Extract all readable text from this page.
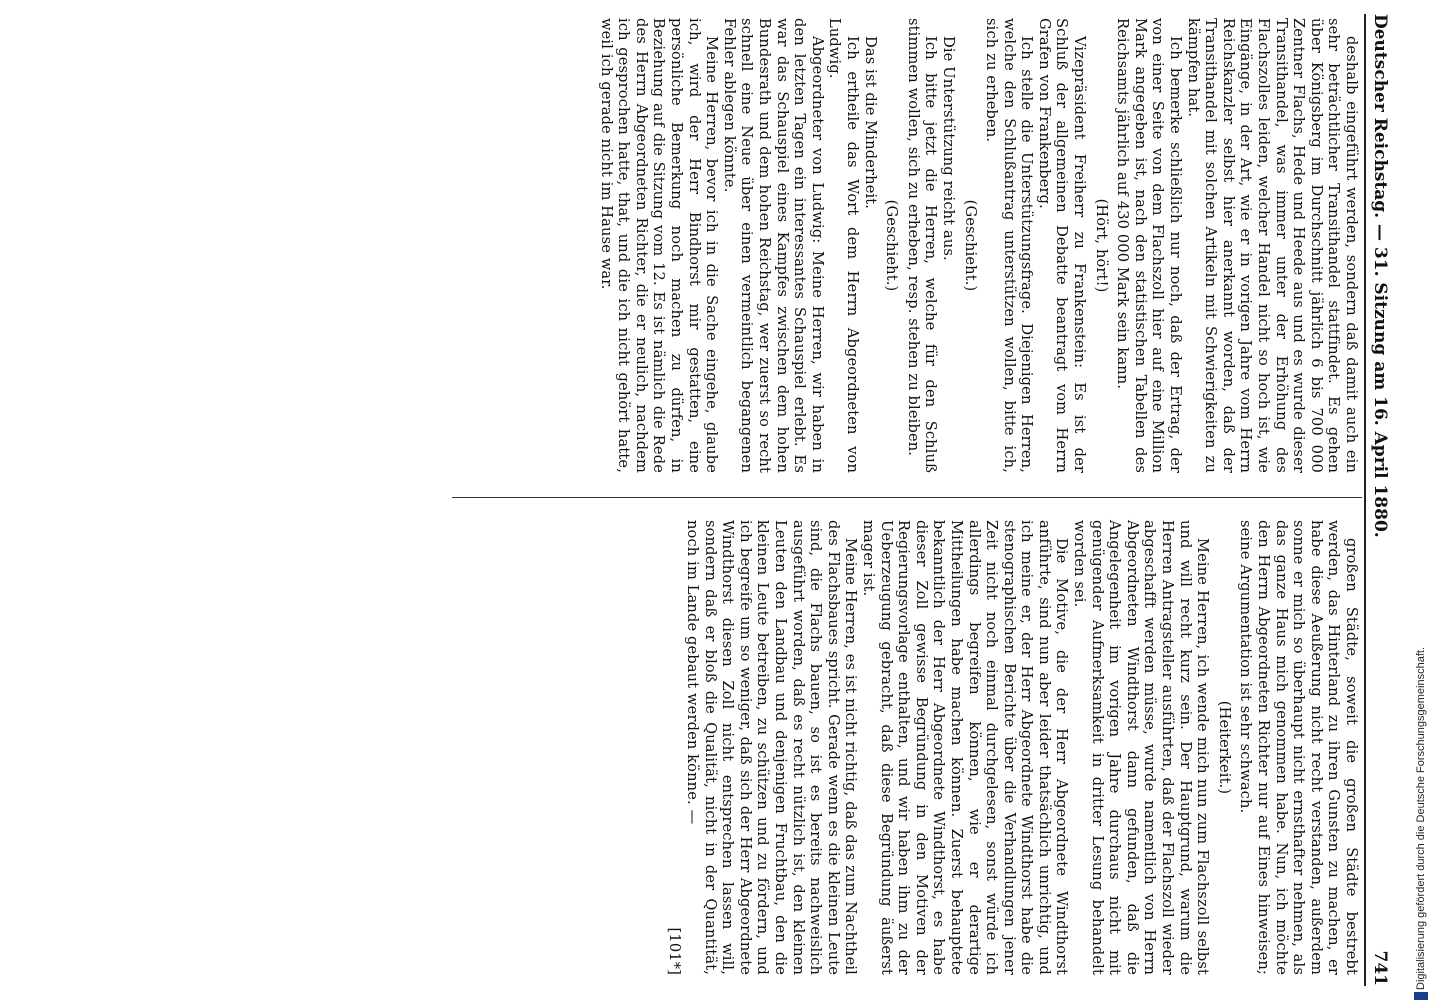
Deutscher Reichstag. — 31. Sitzung am 16. April 1880.
741

deshalb eingeführt werden, sondern daß damit auch ein sehr beträchtlicher Transithandel stattfindet. Es gehen über Königsberg im Durchschnitt jährlich 6 bis 700 000 Zentner Flachs, Hede und Heede aus und es wurde dieser Transithandel, was immer unter der Erhöhung des Flachszolles leiden, welcher Handel nicht so hoch ist, wie Eingänge, in der Art, wie er in vorigen Jahre vom Herrn Reichskanzler selbst hier anerkannt worden, daß der Transithandel mit solchen Artikeln mit Schwierigkeiten zu kämpfen hat.

Ich bemerke schließlich nur noch, daß der Ertrag, der von einer Seite von dem Flachszoll hier auf eine Million Mark angegeben ist, nach den statistischen Tabellen des Reichsamts jährlich auf 430 000 Mark sein kann.

(Hört, hört!)

Vizepräsident Freiherr zu Frankenstein: Es ist der Schluß der allgemeinen Debatte beantragt vom Herrn Grafen von Frankenberg.

Ich stelle die Unterstützungsfrage. Diejenigen Herren, welche den Schlußantrag unterstützen wollen, bitte ich, sich zu erheben.

(Geschieht.)

Die Unterstützung reicht aus.

Ich bitte jetzt die Herren, welche für den Schluß stimmen wollen, sich zu erheben, resp. stehen zu bleiben.

(Geschieht.)

Das ist die Minderheit.

Ich ertheile das Wort dem Herrn Abgeordneten von Ludwig.

Abgeordneter von Ludwig: Meine Herren, wir haben in den letzten Tagen ein interessantes Schauspiel erlebt. Es war das Schauspiel eines Kampfes zwischen dem hohen Bundesrath und dem hohen Reichstag, wer zuerst so recht schnell eine Neue über einen vermeintlich begangenen Fehler ablegen könnte.

Meine Herren, bevor ich in die Sache eingehe, glaube ich, wird der Herr Bindhorst mir gestatten, eine persönliche Bemerkung noch machen zu dürfen, in Beziehung auf die Sitzung vom 12. Es ist nämlich die Rede des Herrn Abgeordneten Richter, die er neulich, nachdem ich gesprochen hatte, that, und die ich nicht gehört hatte, weil ich gerade nicht im Hause war.

großen Städte, soweit die großen Städte bestrebt werden, das Hinterland zu ihren Gunsten zu machen, er habe diese Aeußerung nicht recht verstanden, außerdem sonne er mich so überhaupt nicht ernsthafter nehmen, als das ganze Haus mich genommen habe. Nun, ich möchte den Herrn Abgeordneten Richter nur auf Eines hinweisen; seine Argumentation ist sehr schwach.

(Heiterkeit.)

Meine Herren, ich wende mich nun zum Flachszoll selbst und will recht kurz sein. Der Hauptgrund, warum die Herren Antragsteller ausführten, daß der Flachszoll wieder abgeschafft werden müsse, wurde namentlich von Herrn Abgeordneten Windthorst dann gefunden, daß die Angelegenheit im vorigen Jahre durchaus nicht mit genügender Aufmerksamkeit in dritter Lesung behandelt worden sei.

Die Motive, die der Herr Abgeordnete Windthorst anführte, sind nun aber leider thatsächlich unrichtig, und ich meine er, der Herr Abgeordnete Windthorst habe die stenographischen Berichte über die Verhandlungen jener Zeit nicht noch einmal durchgelesen, sonst würde ich allerdings begreifen können, wie er derartige Mittheilungen habe machen können. Zuerst behauptete bekanntlich der Herr Abgeordnete Windthorst, es habe dieser Zoll gewisse Begründung in den Motiven der Regierungsvorlage enthalten, und wir haben ihm zu der Ueberzeugung gebracht, daß diese Begründung äußerst mager ist.

Meine Herren, es ist nicht richtig, daß das zum Nachtheil des Flachsbaues spricht. Gerade wenn es die kleinen Leute sind, die Flachs bauen, so ist es bereits nachweislich ausgeführt worden, daß es recht nützlich ist, den kleinen Leuten den Landbau und denjenigen Fruchtbau, den die kleinen Leute betreiben, zu schützen und zu fördern, und ich begreife um so weniger, daß sich der Herr Abgeordnete Windthorst diesen Zoll nicht entsprechen lassen will, sondern daß er bloß die Qualität, nicht in der Quantität, noch im Lande gebaut werden könne. —

[101*]	Digitalisierung gefördert durch die Deutsche Forschungsgemeinschaft.
